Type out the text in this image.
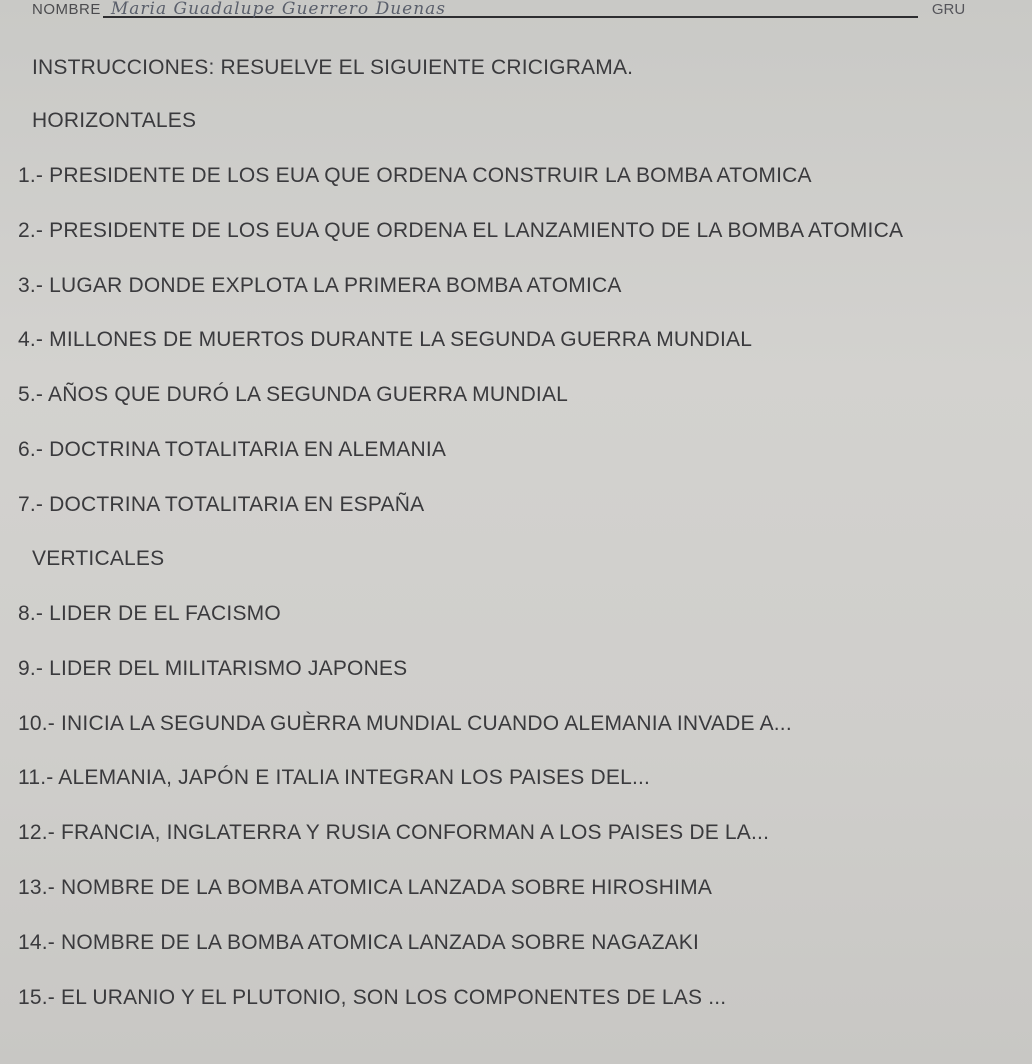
NOMBRE Maria Guadalupe Guerrero Duenas	GRU
INSTRUCCIONES: RESUELVE EL SIGUIENTE CRICIGRAMA.
HORIZONTALES
1.- PRESIDENTE DE LOS EUA QUE ORDENA CONSTRUIR LA BOMBA ATOMICA
2.- PRESIDENTE DE LOS EUA QUE ORDENA EL LANZAMIENTO DE LA BOMBA ATOMICA
3.- LUGAR DONDE EXPLOTA LA PRIMERA BOMBA ATOMICA
4.- MILLONES DE MUERTOS DURANTE LA SEGUNDA GUERRA MUNDIAL
5.- AÑOS QUE DURÓ LA SEGUNDA GUERRA MUNDIAL
6.- DOCTRINA TOTALITARIA EN ALEMANIA
7.- DOCTRINA TOTALITARIA EN ESPAÑA
VERTICALES
8.- LIDER DE EL FACISMO
9.- LIDER DEL MILITARISMO JAPONES
10.- INICIA LA SEGUNDA GUÈRRA MUNDIAL CUANDO ALEMANIA INVADE A...
11.- ALEMANIA, JAPÓN E ITALIA INTEGRAN LOS PAISES DEL...
12.- FRANCIA, INGLATERRA Y RUSIA CONFORMAN A LOS PAISES DE LA...
13.- NOMBRE DE LA BOMBA ATOMICA LANZADA SOBRE HIROSHIMA
14.- NOMBRE DE LA BOMBA ATOMICA LANZADA SOBRE NAGAZAKI
15.- EL URANIO Y EL PLUTONIO, SON LOS COMPONENTES DE LAS ...
